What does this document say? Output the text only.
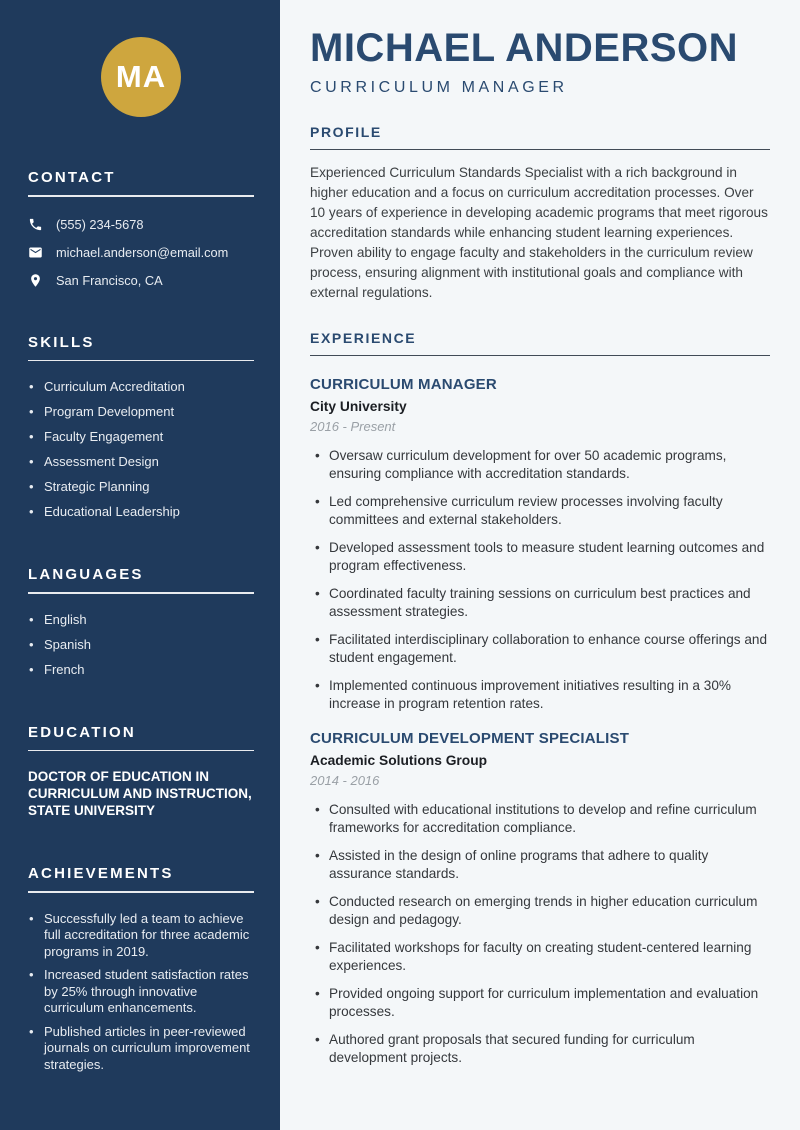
MA
CONTACT
(555) 234-5678
michael.anderson@email.com
San Francisco, CA
SKILLS
• Curriculum Accreditation
• Program Development
• Faculty Engagement
• Assessment Design
• Strategic Planning
• Educational Leadership
LANGUAGES
• English
• Spanish
• French
EDUCATION
DOCTOR OF EDUCATION IN CURRICULUM AND INSTRUCTION, STATE UNIVERSITY
ACHIEVEMENTS
• Successfully led a team to achieve full accreditation for three academic programs in 2019.
• Increased student satisfaction rates by 25% through innovative curriculum enhancements.
• Published articles in peer-reviewed journals on curriculum improvement strategies.
MICHAEL ANDERSON
CURRICULUM MANAGER
PROFILE

Experienced Curriculum Standards Specialist with a rich background in higher education and a focus on curriculum accreditation processes. Over 10 years of experience in developing academic programs that meet rigorous accreditation standards while enhancing student learning experiences. Proven ability to engage faculty and stakeholders in the curriculum review process, ensuring alignment with institutional goals and compliance with external regulations.

EXPERIENCE
CURRICULUM MANAGER
City University
2016 - Present
• Oversaw curriculum development for over 50 academic programs, ensuring compliance with accreditation standards.
• Led comprehensive curriculum review processes involving faculty committees and external stakeholders.
• Developed assessment tools to measure student learning outcomes and program effectiveness.
• Coordinated faculty training sessions on curriculum best practices and assessment strategies.
• Facilitated interdisciplinary collaboration to enhance course offerings and student engagement.
• Implemented continuous improvement initiatives resulting in a 30% increase in program retention rates.
CURRICULUM DEVELOPMENT SPECIALIST
Academic Solutions Group
2014 - 2016
• Consulted with educational institutions to develop and refine curriculum frameworks for accreditation compliance.
• Assisted in the design of online programs that adhere to quality assurance standards.
• Conducted research on emerging trends in higher education curriculum design and pedagogy.
• Facilitated workshops for faculty on creating student-centered learning experiences.
• Provided ongoing support for curriculum implementation and evaluation processes.
• Authored grant proposals that secured funding for curriculum development projects.
